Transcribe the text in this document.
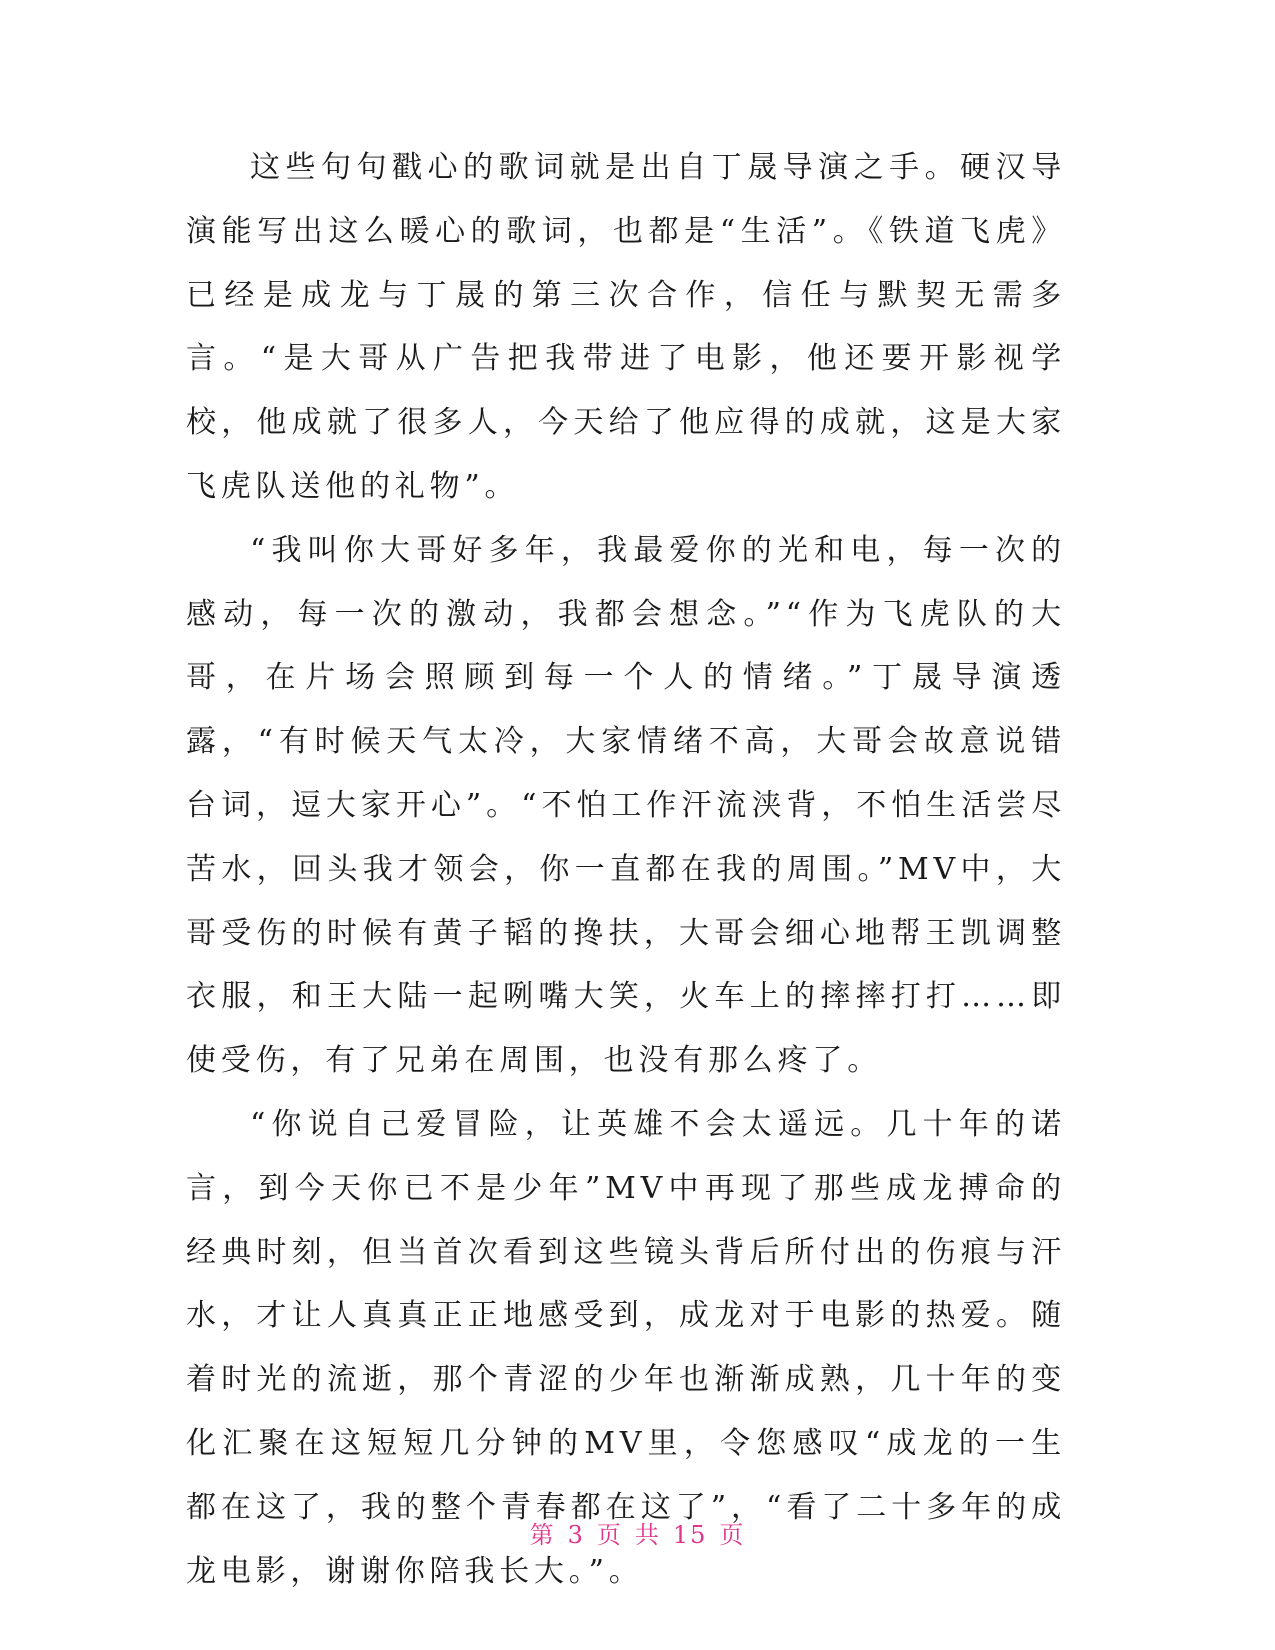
这些句句戳心的歌词就是出自丁晟导演之手。硬汉导演能写出这么暖心的歌词，也都是“生活”。《铁道飞虎》已经是成龙与丁晟的第三次合作，信任与默契无需多言。“是大哥从广告把我带进了电影，他还要开影视学校，他成就了很多人，今天给了他应得的成就，这是大家飞虎队送他的礼物”。

“我叫你大哥好多年，我最爱你的光和电，每一次的感动，每一次的激动，我都会想念。”“作为飞虎队的大哥，在片场会照顾到每一个人的情绪。”丁晟导演透露，“有时候天气太冷，大家情绪不高，大哥会故意说错台词，逗大家开心”。“不怕工作汗流浃背，不怕生活尝尽苦水，回头我才领会，你一直都在我的周围。”MV中，大哥受伤的时候有黄子韬的搀扶，大哥会细心地帮王凯调整衣服，和王大陆一起咧嘴大笑，火车上的摔摔打打……即使受伤，有了兄弟在周围，也没有那么疼了。

“你说自己爱冒险，让英雄不会太遥远。几十年的诺言，到今天你已不是少年”MV中再现了那些成龙搏命的经典时刻，但当首次看到这些镜头背后所付出的伤痕与汗水，才让人真真正正地感受到，成龙对于电影的热爱。随着时光的流逝，那个青涩的少年也渐渐成熟，几十年的变化汇聚在这短短几分钟的MV里，令您感叹“成龙的一生都在这了，我的整个青春都在这了”，“看了二十多年的成龙电影，谢谢你陪我长大。”。

第 3 页 共 15 页
